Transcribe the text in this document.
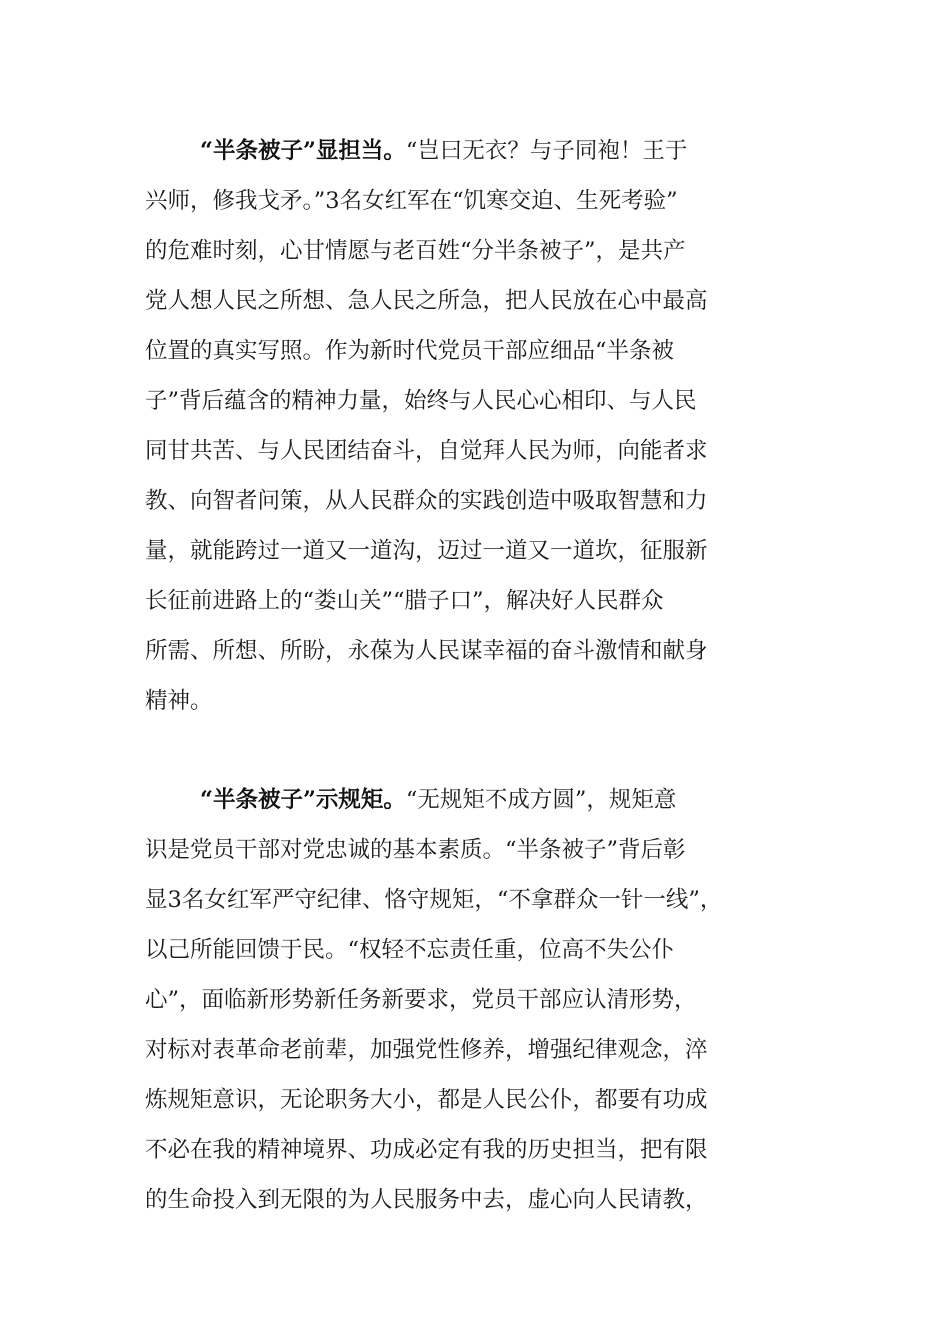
“半条被子”显担当。“岂曰无衣？与子同袍！王于
兴师，修我戈矛。”3名女红军在“饥寒交迫、生死考验”
的危难时刻，心甘情愿与老百姓“分半条被子”，是共产
党人想人民之所想、急人民之所急，把人民放在心中最高
位置的真实写照。作为新时代党员干部应细品“半条被
子”背后蕴含的精神力量，始终与人民心心相印、与人民
同甘共苦、与人民团结奋斗，自觉拜人民为师，向能者求
教、向智者问策，从人民群众的实践创造中吸取智慧和力
量，就能跨过一道又一道沟，迈过一道又一道坎，征服新
长征前进路上的“娄山关”“腊子口”，解决好人民群众
所需、所想、所盼，永葆为人民谋幸福的奋斗激情和献身
精神。
“半条被子”示规矩。“无规矩不成方圆”，规矩意
识是党员干部对党忠诚的基本素质。“半条被子”背后彰
显3名女红军严守纪律、恪守规矩，“不拿群众一针一线”，
以己所能回馈于民。“权轻不忘责任重，位高不失公仆
心”，面临新形势新任务新要求，党员干部应认清形势，
对标对表革命老前辈，加强党性修养，增强纪律观念，淬
炼规矩意识，无论职务大小，都是人民公仆，都要有功成
不必在我的精神境界、功成必定有我的历史担当，把有限
的生命投入到无限的为人民服务中去，虚心向人民请教，
